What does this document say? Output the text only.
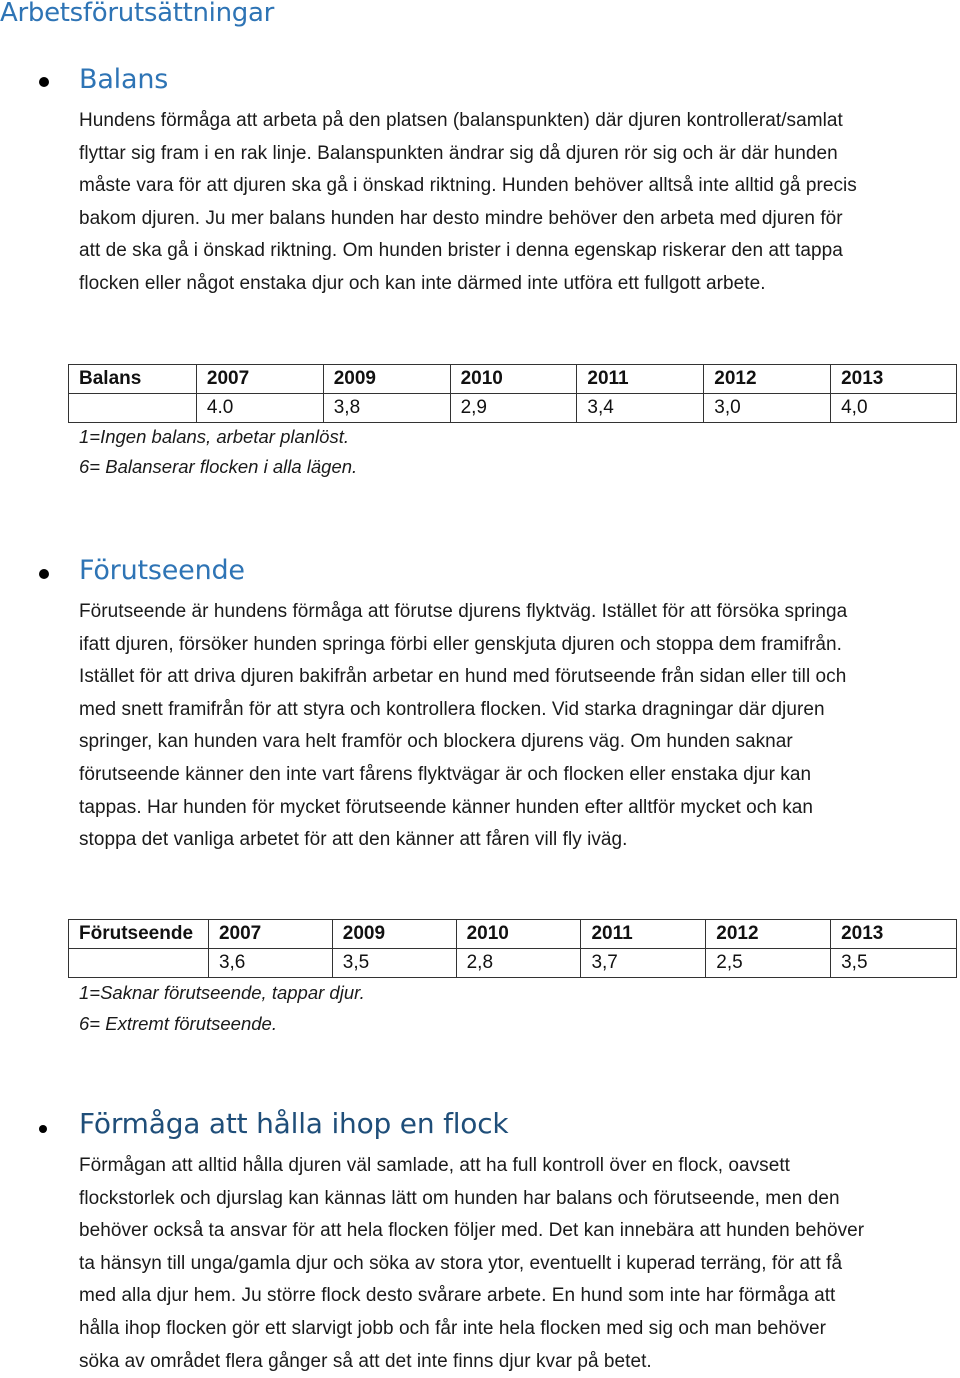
Arbetsförutsättningar
Balans
Hundens förmåga att arbeta på den platsen (balanspunkten) där djuren kontrollerat/samlat
flyttar sig fram i en rak linje. Balanspunkten ändrar sig då djuren rör sig och är där hunden
måste vara för att djuren ska gå i önskad riktning. Hunden behöver alltså inte alltid gå precis
bakom djuren. Ju mer balans hunden har desto mindre behöver den arbeta med djuren för
att de ska gå i önskad riktning. Om hunden brister i denna egenskap riskerar den att tappa
flocken eller något enstaka djur och kan inte därmed inte utföra ett fullgott arbete.
Balans	2007	2009	2010	2011	2012	2013
	4.0	3,8	2,9	3,4	3,0	4,0

1=Ingen balans, arbetar planlöst.

6= Balanserar flocken i alla lägen.

Förutseende
Förutseende är hundens förmåga att förutse djurens flyktväg. Istället för att försöka springa
ifatt djuren, försöker hunden springa förbi eller genskjuta djuren och stoppa dem framifrån.
Istället för att driva djuren bakifrån arbetar en hund med förutseende från sidan eller till och
med snett framifrån för att styra och kontrollera flocken. Vid starka dragningar där djuren
springer, kan hunden vara helt framför och blockera djurens väg. Om hunden saknar
förutseende känner den inte vart fårens flyktvägar är och flocken eller enstaka djur kan
tappas. Har hunden för mycket förutseende känner hunden efter alltför mycket och kan
stoppa det vanliga arbetet för att den känner att fåren vill fly iväg.
Förutseende	2007	2009	2010	2011	2012	2013
	3,6	3,5	2,8	3,7	2,5	3,5

1=Saknar förutseende, tappar djur.

6= Extremt förutseende.

Förmåga att hålla ihop en flock
Förmågan att alltid hålla djuren väl samlade, att ha full kontroll över en flock, oavsett
flockstorlek och djurslag kan kännas lätt om hunden har balans och förutseende, men den
behöver också ta ansvar för att hela flocken följer med. Det kan innebära att hunden behöver
ta hänsyn till unga/gamla djur och söka av stora ytor, eventuellt i kuperad terräng, för att få
med alla djur hem. Ju större flock desto svårare arbete. En hund som inte har förmåga att
hålla ihop flocken gör ett slarvigt jobb och får inte hela flocken med sig och man behöver
söka av området flera gånger så att det inte finns djur kvar på betet.
